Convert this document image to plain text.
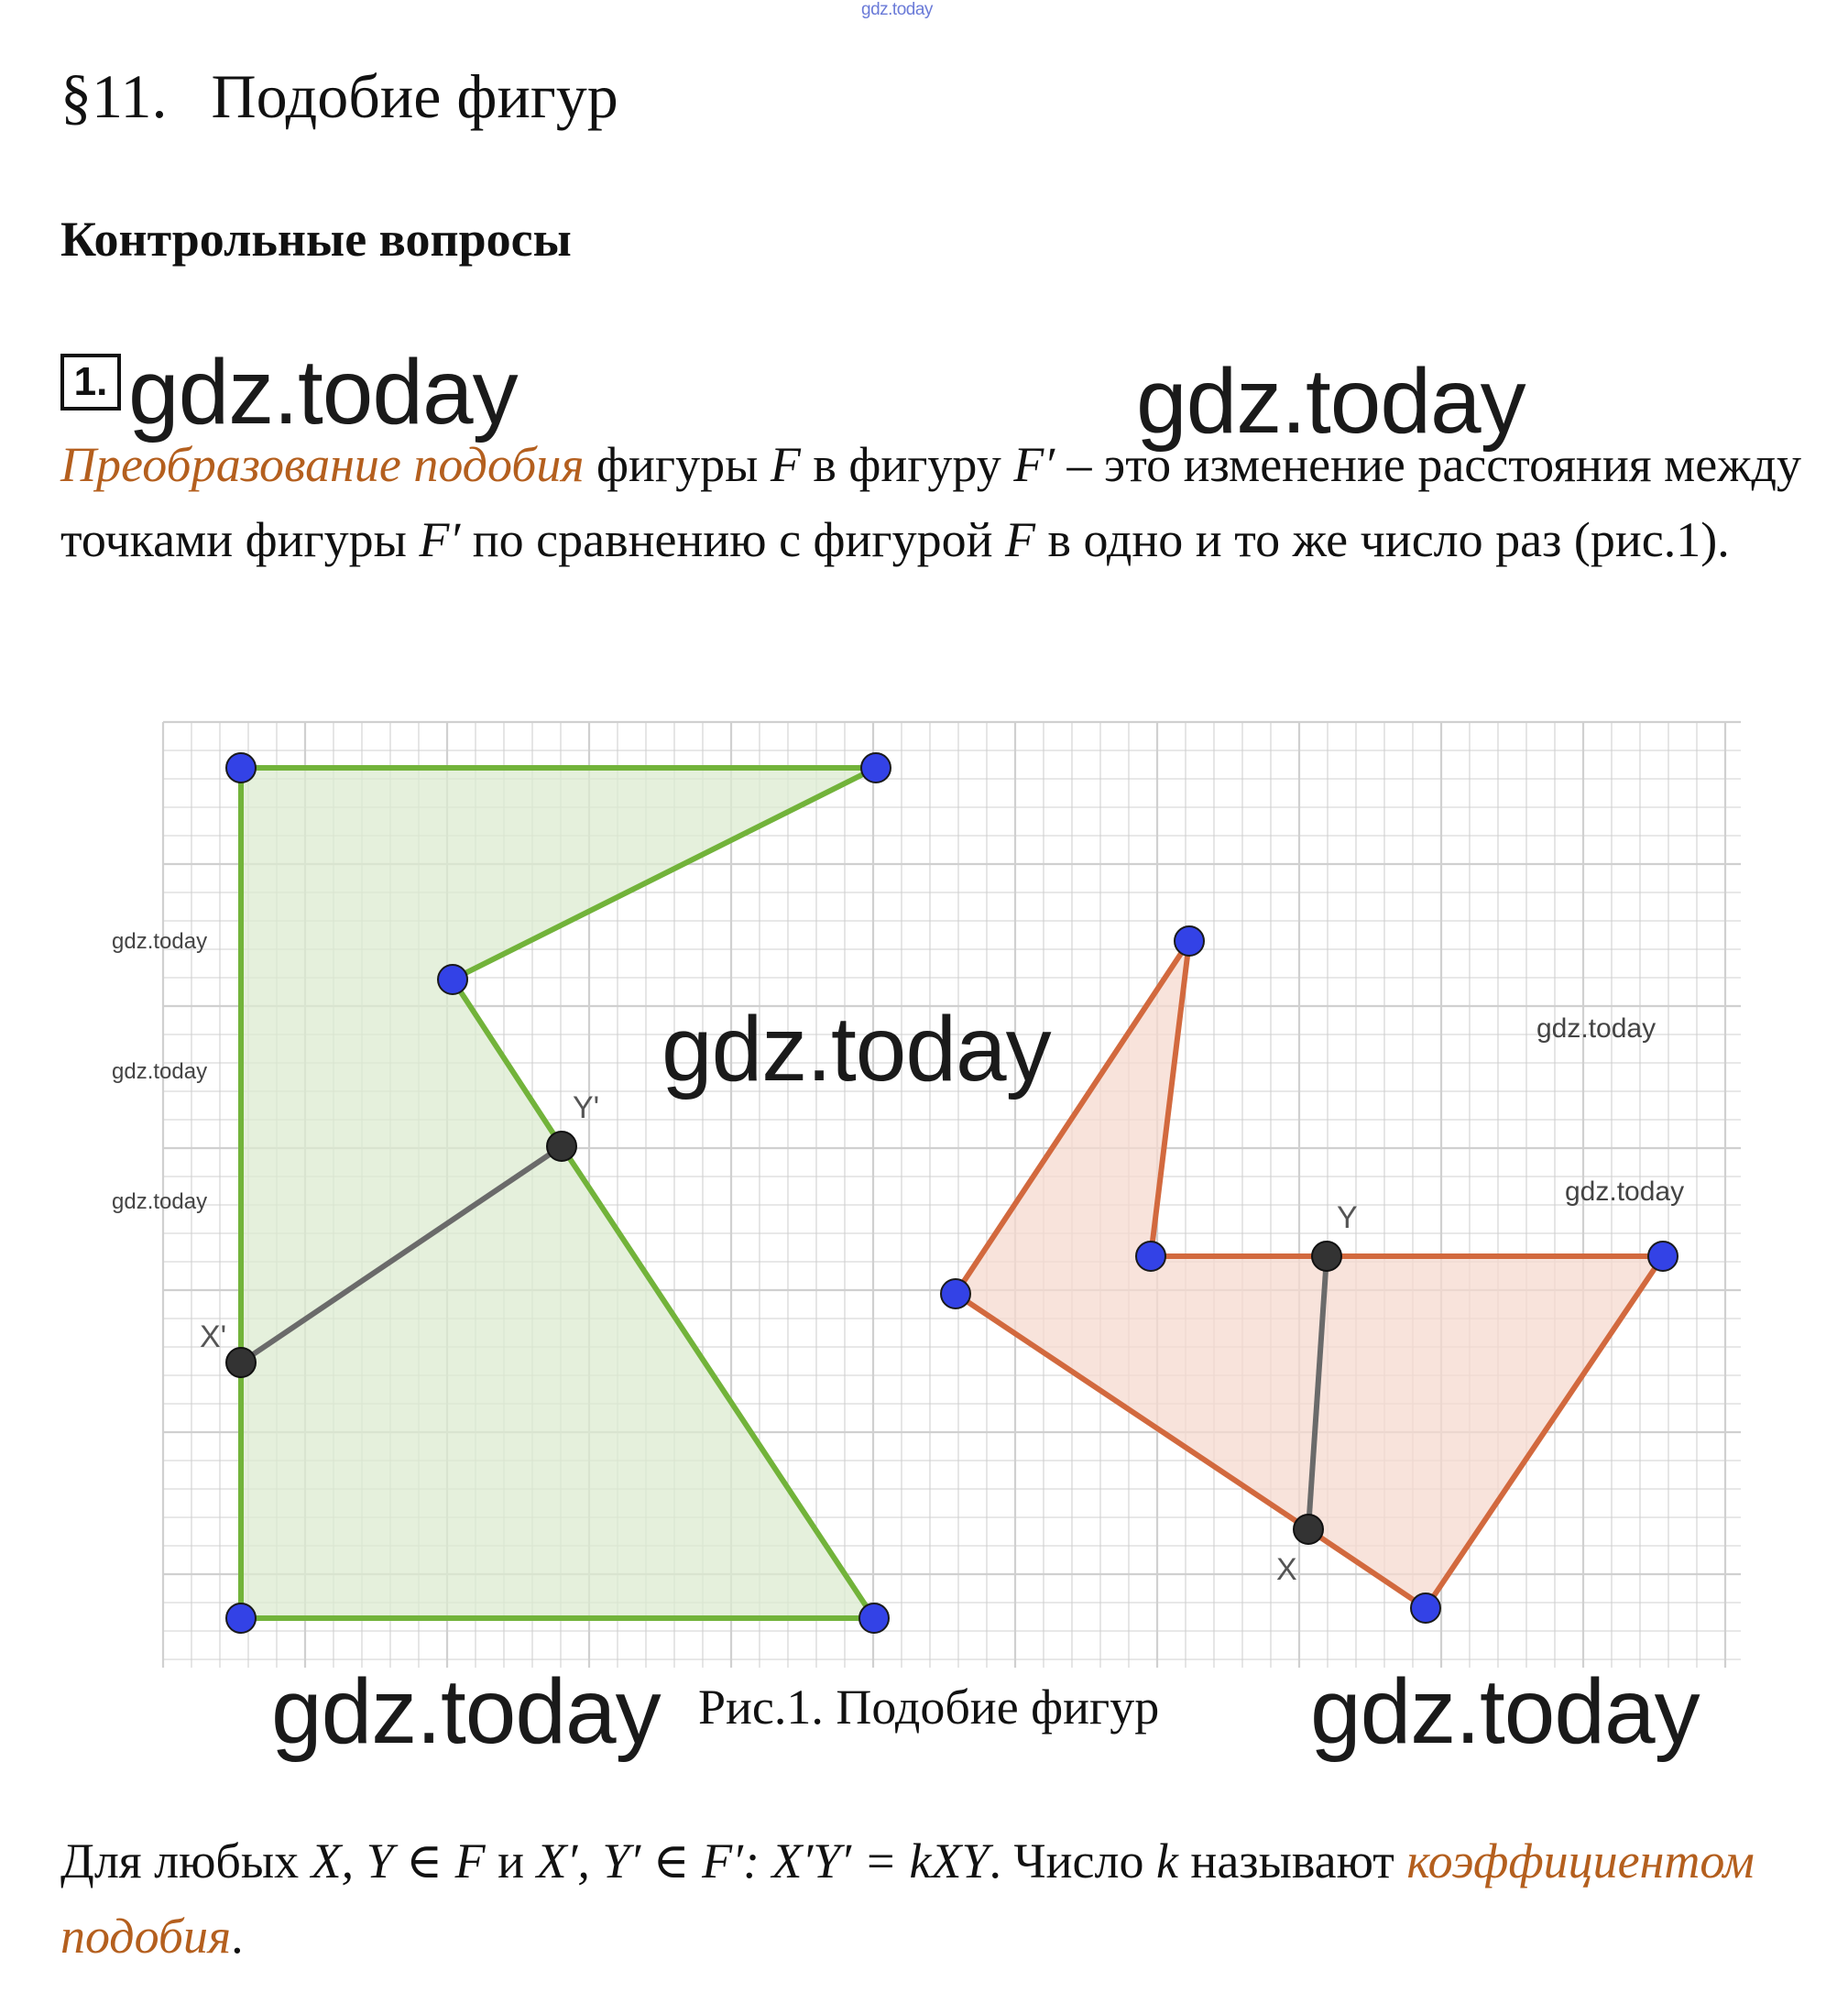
gdz.today
§11. Подобие фигур
Контрольные вопросы
1. gdz.today	gdz.today
Преобразование подобия фигуры F в фигуру F′ – это изменение расстояния между точками фигуры F′ по сравнению с фигурой F в одно и то же число раз (рис.1).
Y'
X'
Y
X
gdz.today
gdz.today
gdz.today
gdz.today
gdz.today
gdz.today
gdz.today	gdz.today
Рис.1. Подобие фигур
Для любых X, Y ∈ F и X′, Y′ ∈ F′: X′Y′ = kXY. Число k называют коэффициентом подобия.
